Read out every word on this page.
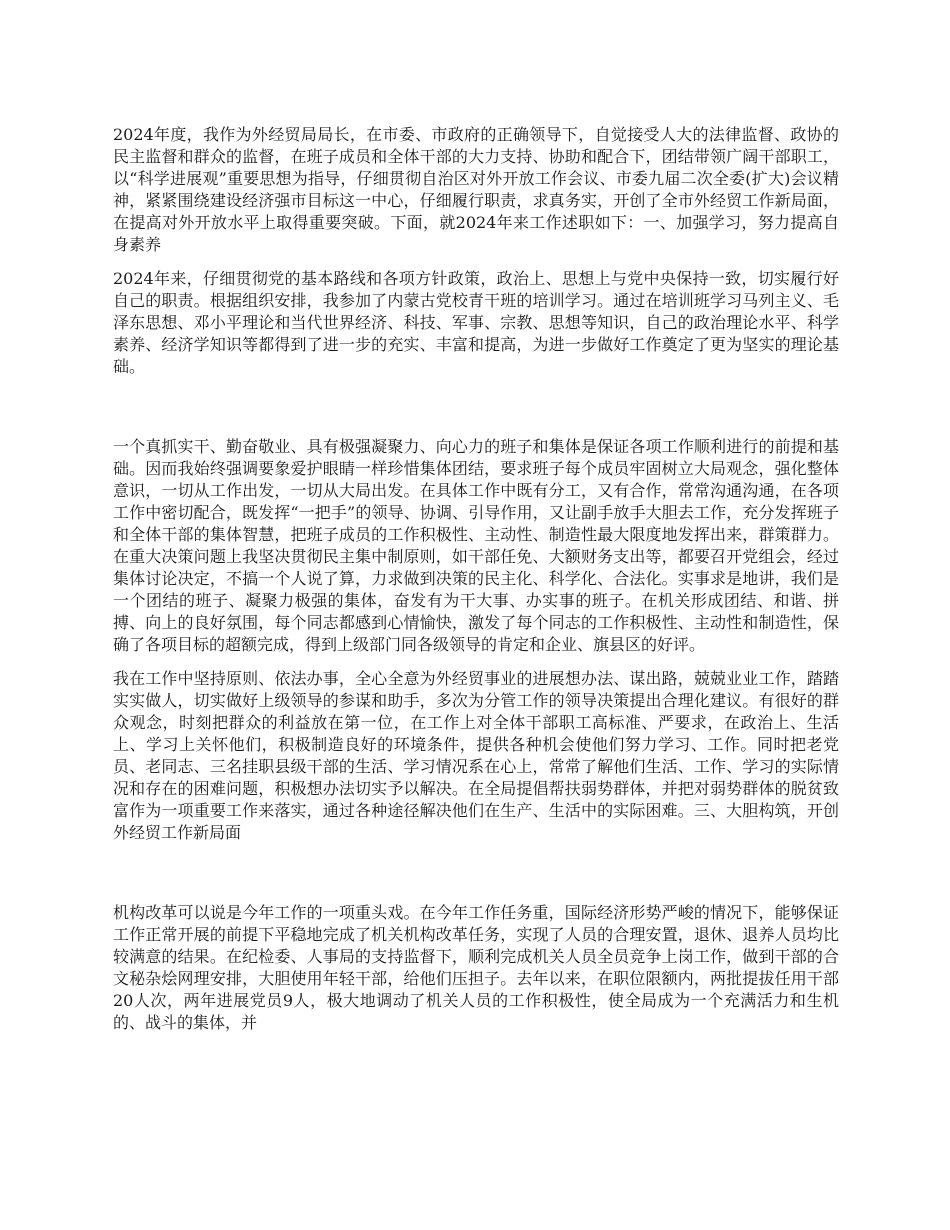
2024年度，我作为外经贸局局长，在市委、市政府的正确领导下，自觉接受人大的法律监督、政协的民主监督和群众的监督，在班子成员和全体干部的大力支持、协助和配合下，团结带领广阔干部职工，以“科学进展观”重要思想为指导，仔细贯彻自治区对外开放工作会议、市委九届二次全委(扩大)会议精神，紧紧围绕建设经济强市目标这一中心，仔细履行职责，求真务实，开创了全市外经贸工作新局面，在提高对外开放水平上取得重要突破。下面，就2024年来工作述职如下：一、加强学习，努力提高自身素养

2024年来，仔细贯彻党的基本路线和各项方针政策，政治上、思想上与党中央保持一致，切实履行好自己的职责。根据组织安排，我参加了内蒙古党校青干班的培训学习。通过在培训班学习马列主义、毛泽东思想、邓小平理论和当代世界经济、科技、军事、宗教、思想等知识，自己的政治理论水平、科学素养、经济学知识等都得到了进一步的充实、丰富和提高，为进一步做好工作奠定了更为坚实的理论基础。

一个真抓实干、勤奋敬业、具有极强凝聚力、向心力的班子和集体是保证各项工作顺利进行的前提和基础。因而我始终强调要象爱护眼睛一样珍惜集体团结，要求班子每个成员牢固树立大局观念，强化整体意识，一切从工作出发，一切从大局出发。在具体工作中既有分工，又有合作，常常沟通沟通，在各项工作中密切配合，既发挥“一把手”的领导、协调、引导作用，又让副手放手大胆去工作，充分发挥班子和全体干部的集体智慧，把班子成员的工作积极性、主动性、制造性最大限度地发挥出来，群策群力。在重大决策问题上我坚决贯彻民主集中制原则，如干部任免、大额财务支出等，都要召开党组会，经过集体讨论决定，不搞一个人说了算，力求做到决策的民主化、科学化、合法化。实事求是地讲，我们是一个团结的班子、凝聚力极强的集体，奋发有为干大事、办实事的班子。在机关形成团结、和谐、拼搏、向上的良好氛围，每个同志都感到心情愉快，激发了每个同志的工作积极性、主动性和制造性，保确了各项目标的超额完成，得到上级部门同各级领导的肯定和企业、旗县区的好评。

我在工作中坚持原则、依法办事，全心全意为外经贸事业的进展想办法、谋出路，兢兢业业工作，踏踏实实做人，切实做好上级领导的参谋和助手，多次为分管工作的领导决策提出合理化建议。有很好的群众观念，时刻把群众的利益放在第一位，在工作上对全体干部职工高标准、严要求，在政治上、生活上、学习上关怀他们，积极制造良好的环境条件，提供各种机会使他们努力学习、工作。同时把老党员、老同志、三名挂职县级干部的生活、学习情况系在心上，常常了解他们生活、工作、学习的实际情况和存在的困难问题，积极想办法切实予以解决。在全局提倡帮扶弱势群体，并把对弱势群体的脱贫致富作为一项重要工作来落实，通过各种途径解决他们在生产、生活中的实际困难。三、大胆构筑，开创外经贸工作新局面

机构改革可以说是今年工作的一项重头戏。在今年工作任务重，国际经济形势严峻的情况下，能够保证工作正常开展的前提下平稳地完成了机关机构改革任务，实现了人员的合理安置，退休、退养人员均比较满意的结果。在纪检委、人事局的支持监督下，顺利完成机关人员全员竞争上岗工作，做到干部的合文秘杂烩网理安排，大胆使用年轻干部，给他们压担子。去年以来，在职位限额内，两批提拔任用干部20人次，两年进展党员9人，极大地调动了机关人员的工作积极性，使全局成为一个充满活力和生机的、战斗的集体，并
